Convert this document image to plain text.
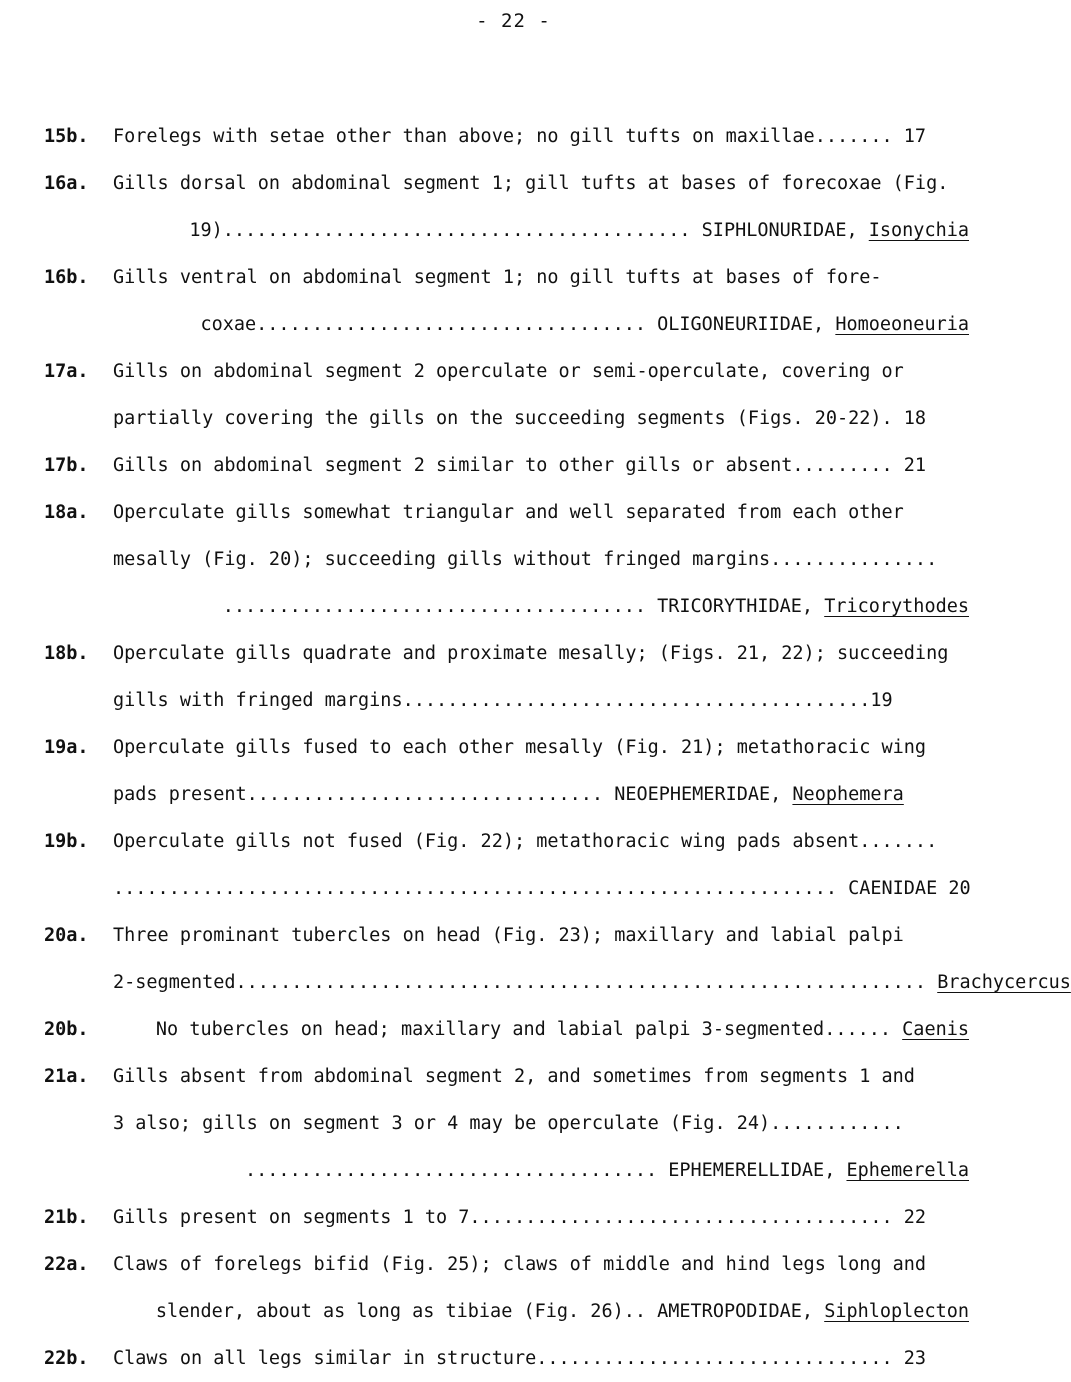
- 22 -
15b. Forelegs with setae other than above; no gill tufts on maxillae....... 17
16a. Gills dorsal on abdominal segment 1; gill tufts at bases of forecoxae (Fig.
19).......................................... SIPHLONURIDAE, Isonychia
16b. Gills ventral on abdominal segment 1; no gill tufts at bases of fore-
coxae................................... OLIGONEURIIDAE, Homoeoneuria
17a. Gills on abdominal segment 2 operculate or semi-operculate, covering or
partially covering the gills on the succeeding segments (Figs. 20-22). 18
17b. Gills on abdominal segment 2 similar to other gills or absent......... 21
18a. Operculate gills somewhat triangular and well separated from each other
mesally (Fig. 20); succeeding gills without fringed margins...............
...................................... TRICORYTHIDAE, Tricorythodes
18b. Operculate gills quadrate and proximate mesally; (Figs. 21, 22); succeeding
gills with fringed margins..........................................19
19a. Operculate gills fused to each other mesally (Fig. 21); metathoracic wing
pads present................................ NEOEPHEMERIDAE, Neophemera
19b. Operculate gills not fused (Fig. 22); metathoracic wing pads absent.......
................................................................. CAENIDAE 20
20a. Three prominant tubercles on head (Fig. 23); maxillary and labial palpi
2-segmented.............................................................. Brachycercus
20b.	No tubercles on head; maxillary and labial palpi 3-segmented...... Caenis
21a. Gills absent from abdominal segment 2, and sometimes from segments 1 and
3 also; gills on segment 3 or 4 may be operculate (Fig. 24)............
..................................... EPHEMERELLIDAE, Ephemerella
21b. Gills present on segments 1 to 7...................................... 22
22a. Claws of forelegs bifid (Fig. 25); claws of middle and hind legs long and
slender, about as long as tibiae (Fig. 26).. AMETROPODIDAE, Siphloplecton
22b. Claws on all legs similar in structure................................ 23
